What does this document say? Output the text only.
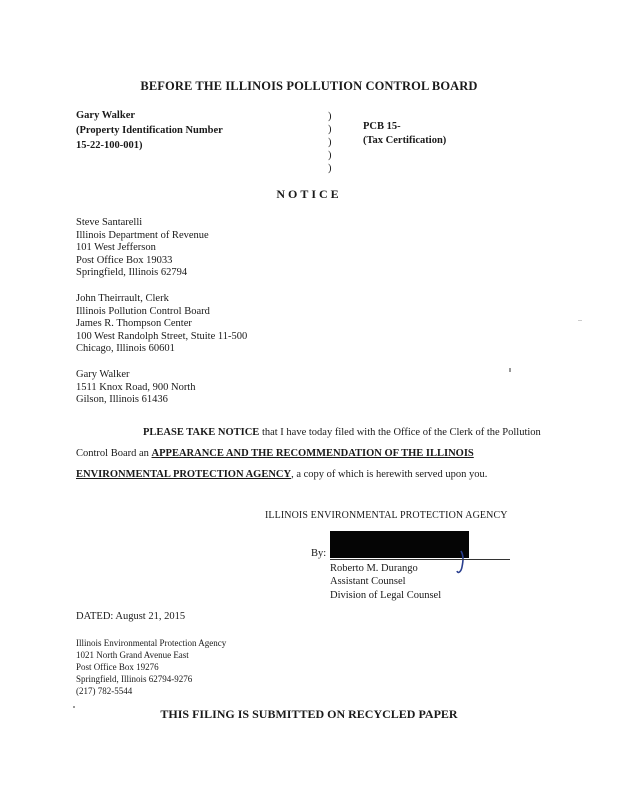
BEFORE THE ILLINOIS POLLUTION CONTROL BOARD
Gary Walker
(Property Identification Number
15-22-100-001)
)
)
)
)
)
PCB 15-
(Tax Certification)
NOTICE
Steve Santarelli
Illinois Department of Revenue
101 West Jefferson
Post Office Box 19033
Springfield, Illinois 62794
John Theirrault, Clerk
Illinois Pollution Control Board
James R. Thompson Center
100 West Randolph Street, Stuite 11-500
Chicago, Illinois 60601
Gary Walker
1511 Knox Road, 900 North
Gilson, Illinois 61436
PLEASE TAKE NOTICE that I have today filed with the Office of the Clerk of the Pollution Control Board an APPEARANCE AND THE RECOMMENDATION OF THE ILLINOIS ENVIRONMENTAL PROTECTION AGENCY, a copy of which is herewith served upon you.
ILLINOIS ENVIRONMENTAL PROTECTION AGENCY
By:
Roberto M. Durango
Assistant Counsel
Division of Legal Counsel
DATED: August 21, 2015
Illinois Environmental Protection Agency
1021 North Grand Avenue East
Post Office Box 19276
Springfield, Illinois 62794-9276
(217) 782-5544
THIS FILING IS SUBMITTED ON RECYCLED PAPER
